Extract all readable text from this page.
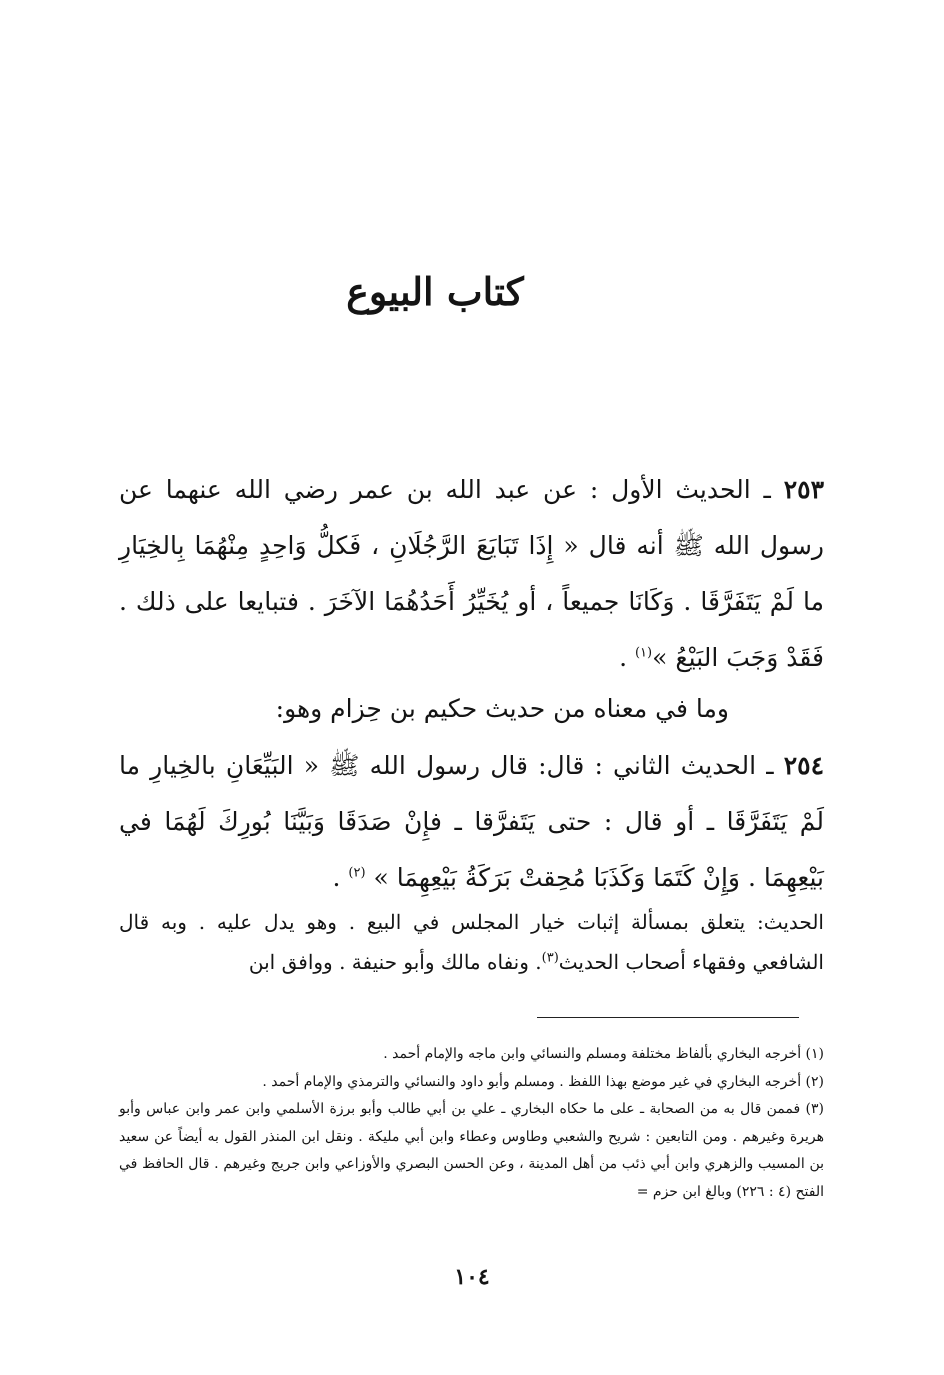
كتاب البيوع

٢٥٣ ـ الحديث الأول : عن عبد الله بن عمر رضي الله عنهما عن رسول الله ﷺ أنه قال « إِذَا تَبَايَعَ الرَّجُلَانِ ، فَكلُّ وَاحِدٍ مِنْهُمَا بِالخِيَارِ ما لَمْ يَتَفَرَّقَا . وَكَانَا جميعاً ، أو يُخَيِّرُ أَحَدُهُمَا الآخَرَ . فتبايعا على ذلك . فَقَدْ وَجَبَ البَيْعُ »$^{(١)}$ .

وما في معناه من حديث حكيم بن حِزام وهو:

٢٥٤ ـ الحديث الثاني : قال: قال رسول الله ﷺ « البَيِّعَانِ بالخِيارِ ما لَمْ يَتَفَرَّقَا ـ أو قال : حتى يَتَفرَّقا ـ فإِنْ صَدَقَا وَبَيَّنَا بُورِكَ لَهُمَا في بَيْعِهِمَا . وَإِنْ كَتَمَا وَكَذَبَا مُحِقتْ بَرَكَةُ بَيْعِهِمَا » $^{(٢)}$ .

الحديث: يتعلق بمسألة إثبات خيار المجلس في البيع . وهو يدل عليه . وبه قال الشافعي وفقهاء أصحاب الحديث$^{(٣)}$. ونفاه مالك وأبو حنيفة . ووافق ابن

(١) أخرجه البخاري بألفاظ مختلفة ومسلم والنسائي وابن ماجه والإمام أحمد .
(٢) أخرجه البخاري في غير موضع بهذا اللفظ . ومسلم وأبو داود والنسائي والترمذي والإمام أحمد .
(٣) فممن قال به من الصحابة ـ على ما حكاه البخاري ـ علي بن أبي طالب وأبو برزة الأسلمي وابن عمر وابن عباس وأبو هريرة وغيرهم . ومن التابعين : شريح والشعبي وطاوس وعطاء وابن أبي مليكة . ونقل ابن المنذر القول به أيضاً عن سعيد بن المسيب والزهري وابن أبي ذئب من أهل المدينة ، وعن الحسن البصري والأوزاعي وابن جريج وغيرهم . قال الحافظ في الفتح (٤ : ٢٢٦) وبالغ ابن حزم =
١٠٤
